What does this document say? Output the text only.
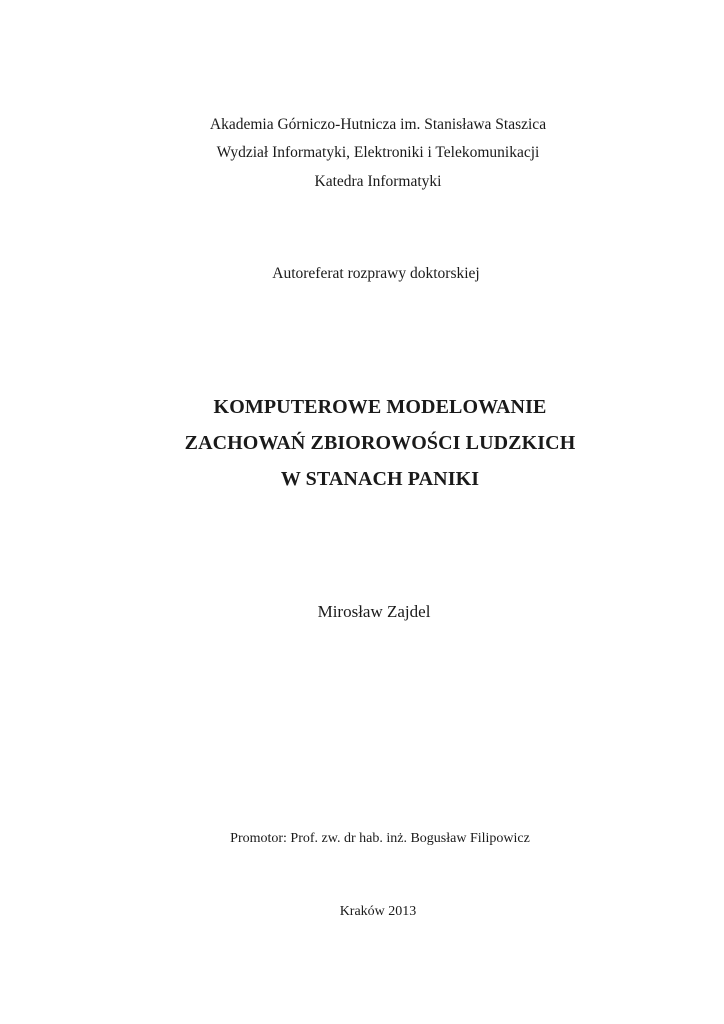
Akademia Górniczo-Hutnicza im. Stanisława Staszica
Wydział Informatyki, Elektroniki i Telekomunikacji
Katedra Informatyki
Autoreferat rozprawy doktorskiej
KOMPUTEROWE MODELOWANIE
ZACHOWAŃ ZBIOROWOŚCI LUDZKICH
W STANACH PANIKI
Mirosław Zajdel
Promotor: Prof. zw. dr hab. inż. Bogusław Filipowicz
Kraków 2013
